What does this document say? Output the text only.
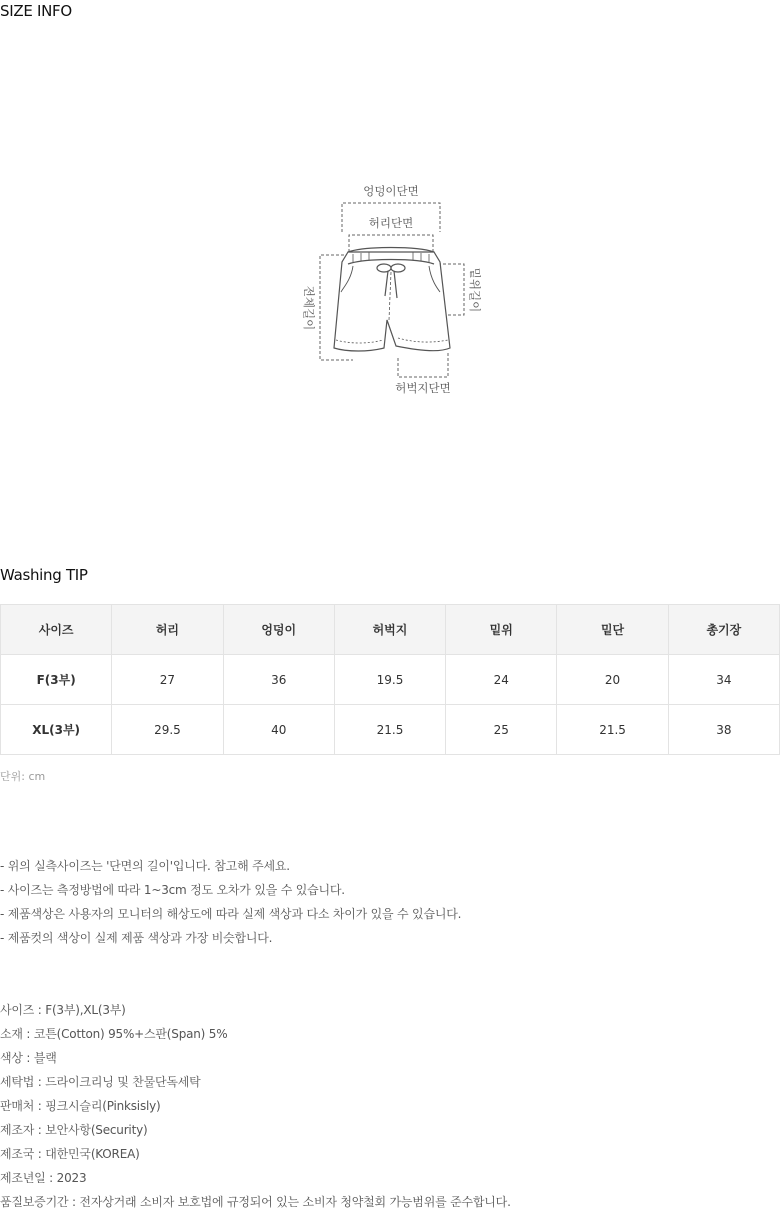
SIZE INFO
엉덩이단면
허리단면
전체길이	밑위길이
허벅지단면
Washing TIP
사이즈	허리	엉덩이	허벅지	밑위	밑단	총기장
F(3부)	27	36	19.5	24	20	34
XL(3부)	29.5	40	21.5	25	21.5	38
단위: cm
- 위의 실측사이즈는 '단면의 길이'입니다. 참고해 주세요.
- 사이즈는 측정방법에 따라 1~3cm 정도 오차가 있을 수 있습니다.
- 제품색상은 사용자의 모니터의 해상도에 따라 실제 색상과 다소 차이가 있을 수 있습니다.
- 제품컷의 색상이 실제 제품 색상과 가장 비슷합니다.
사이즈 : F(3부),XL(3부)
소재 : 코튼(Cotton) 95%+스판(Span) 5%
색상 : 블랙
세탁법 : 드라이크리닝 및 찬물단독세탁
판매처 : 핑크시슬리(Pinksisly)
제조자 : 보안사항(Security)
제조국 : 대한민국(KOREA)
제조년일 : 2023
품질보증기간 : 전자상거래 소비자 보호법에 규정되어 있는 소비자 청약철회 가능범위를 준수합니다.
